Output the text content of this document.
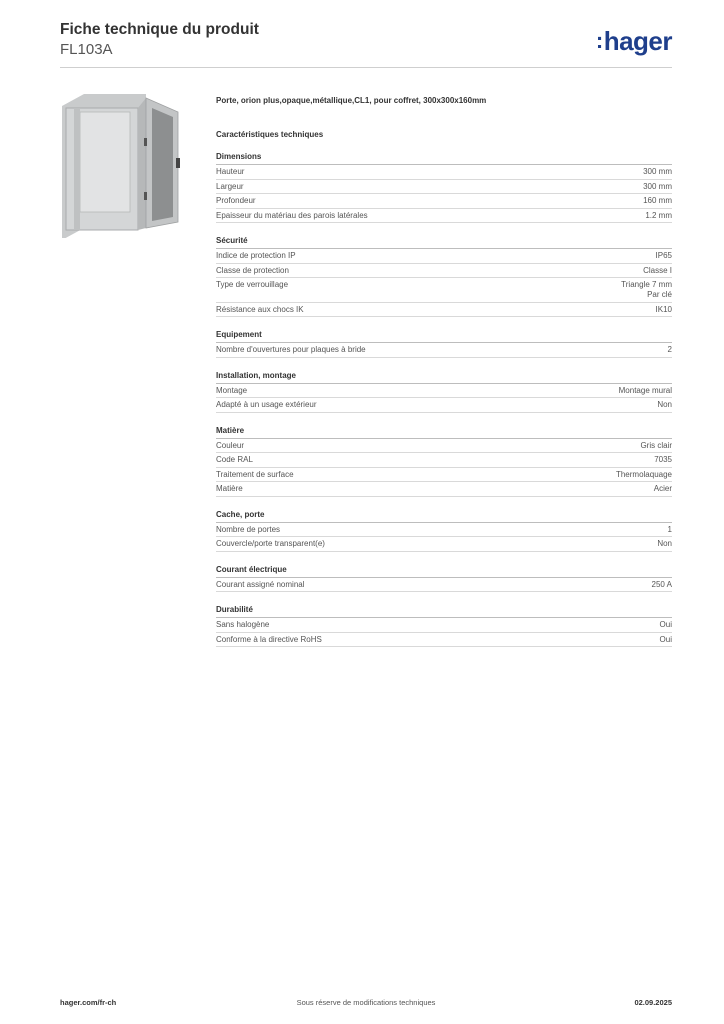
Fiche technique du produit
FL103A	:hager
Porte, orion plus,opaque,métallique,CL1, pour coffret, 300x300x160mm
Caractéristiques techniques
Dimensions
Hauteur	300 mm
Largeur	300 mm
Profondeur	160 mm
Epaisseur du matériau des parois latérales	1.2 mm
Sécurité
Indice de protection IP	IP65
Classe de protection	Classe I
Type de verrouillage	Triangle 7 mm
Par clé
Résistance aux chocs IK	IK10
Equipement
Nombre d'ouvertures pour plaques à bride	2
Installation, montage
Montage	Montage mural
Adapté à un usage extérieur	Non
Matière
Couleur	Gris clair
Code RAL	7035
Traitement de surface	Thermolaquage
Matière	Acier
Cache, porte
Nombre de portes	1
Couvercle/porte transparent(e)	Non
Courant électrique
Courant assigné nominal	250 A
Durabilité
Sans halogène	Oui
Conforme à la directive RoHS	Oui
hager.com/fr-ch	Sous réserve de modifications techniques	02.09.2025
